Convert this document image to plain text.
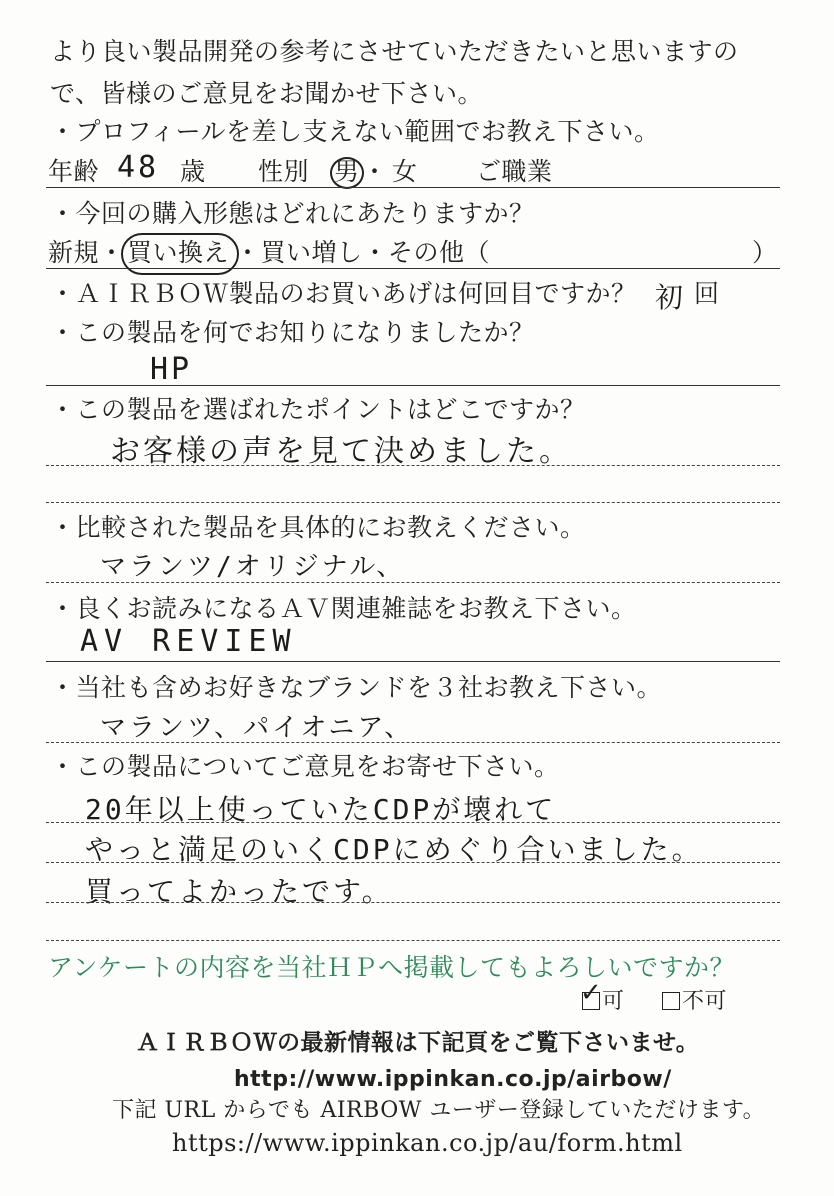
より良い製品開発の参考にさせていただきたいと思いますの
で、皆様のご意見をお聞かせ下さい。
・プロフィールを差し支えない範囲でお教え下さい。
年齢 48 歳 性別 男 ・ 女 ご職業
・今回の購入形態はどれにあたりますか？
新規・ 買い換え ・買い増し・その他（	）
・ＡＩＲＢＯＷ製品のお買いあげは何回目ですか？ 初 回
・この製品を何でお知りになりましたか？
HP
・この製品を選ばれたポイントはどこですか？
お客様の声を見て決めました。
・比較された製品を具体的にお教えください。
マランツ/オリジナル、
・良くお読みになるＡＶ関連雑誌をお教え下さい。
AV REVIEW
・当社も含めお好きなブランドを３社お教え下さい。
マランツ、パイオニア、
・この製品についてご意見をお寄せ下さい。
20年以上使っていたCDPが壊れて
やっと満足のいくCDPにめぐり合いました。
買ってよかったです。
アンケートの内容を当社ＨＰへ掲載してもよろしいですか？
可
✓	不可
ＡＩＲＢＯＷの最新情報は下記頁をご覧下さいませ。
http://www.ippinkan.co.jp/airbow/
下記 URL からでも AIRBOW ユーザー登録していただけます。
https://www.ippinkan.co.jp/au/form.html
